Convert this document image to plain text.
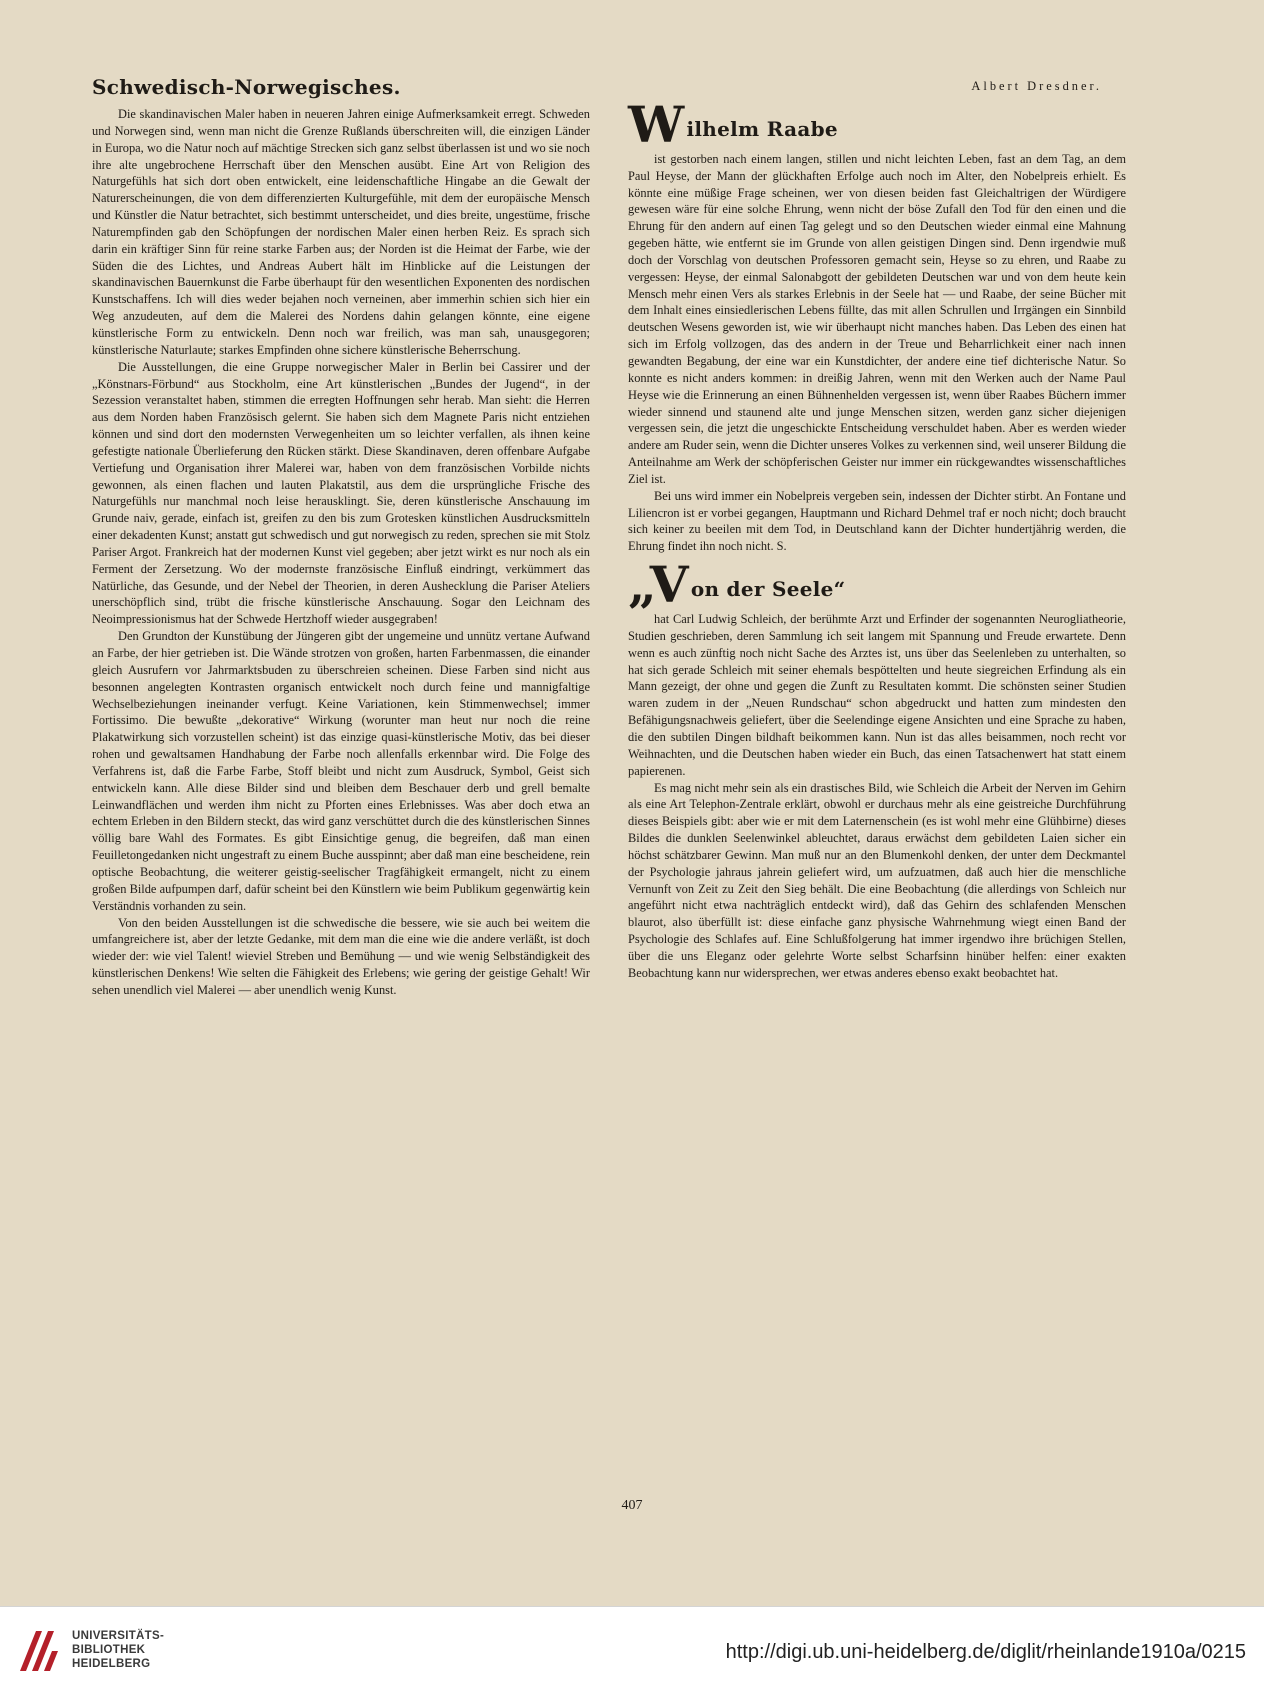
Schwedisch-Norwegisches.

Die skandinavischen Maler haben in neueren Jahren einige Aufmerksamkeit erregt. Schweden und Norwegen sind, wenn man nicht die Grenze Rußlands überschreiten will, die einzigen Länder in Europa, wo die Natur noch auf mächtige Strecken sich ganz selbst überlassen ist und wo sie noch ihre alte ungebrochene Herrschaft über den Menschen ausübt. Eine Art von Religion des Naturgefühls hat sich dort oben entwickelt, eine leidenschaftliche Hingabe an die Gewalt der Naturerscheinungen, die von dem differenzierten Kulturgefühle, mit dem der europäische Mensch und Künstler die Natur betrachtet, sich bestimmt unterscheidet, und dies breite, ungestüme, frische Naturempfinden gab den Schöpfungen der nordischen Maler einen herben Reiz. Es sprach sich darin ein kräftiger Sinn für reine starke Farben aus; der Norden ist die Heimat der Farbe, wie der Süden die des Lichtes, und Andreas Aubert hält im Hinblicke auf die Leistungen der skandinavischen Bauernkunst die Farbe überhaupt für den wesentlichen Exponenten des nordischen Kunstschaffens. Ich will dies weder bejahen noch verneinen, aber immerhin schien sich hier ein Weg anzudeuten, auf dem die Malerei des Nordens dahin gelangen könnte, eine eigene künstlerische Form zu entwickeln. Denn noch war freilich, was man sah, unausgegoren; künstlerische Naturlaute; starkes Empfinden ohne sichere künstlerische Beherrschung.

Die Ausstellungen, die eine Gruppe norwegischer Maler in Berlin bei Cassirer und der „Könstnars-Förbund“ aus Stockholm, eine Art künstlerischen „Bundes der Jugend“, in der Sezession veranstaltet haben, stimmen die erregten Hoffnungen sehr herab. Man sieht: die Herren aus dem Norden haben Französisch gelernt. Sie haben sich dem Magnete Paris nicht entziehen können und sind dort den modernsten Verwegenheiten um so leichter verfallen, als ihnen keine gefestigte nationale Überlieferung den Rücken stärkt. Diese Skandinaven, deren offenbare Aufgabe Vertiefung und Organisation ihrer Malerei war, haben von dem französischen Vorbilde nichts gewonnen, als einen flachen und lauten Plakatstil, aus dem die ursprüngliche Frische des Naturgefühls nur manchmal noch leise herausklingt. Sie, deren künstlerische Anschauung im Grunde naiv, gerade, einfach ist, greifen zu den bis zum Grotesken künstlichen Ausdrucksmitteln einer dekadenten Kunst; anstatt gut schwedisch und gut norwegisch zu reden, sprechen sie mit Stolz Pariser Argot. Frankreich hat der modernen Kunst viel gegeben; aber jetzt wirkt es nur noch als ein Ferment der Zersetzung. Wo der modernste französische Einfluß eindringt, verkümmert das Natürliche, das Gesunde, und der Nebel der Theorien, in deren Aushecklung die Pariser Ateliers unerschöpflich sind, trübt die frische künstlerische Anschauung. Sogar den Leichnam des Neoimpressionismus hat der Schwede Hertzhoff wieder ausgegraben!

Den Grundton der Kunstübung der Jüngeren gibt der ungemeine und unnütz vertane Aufwand an Farbe, der hier getrieben ist. Die Wände strotzen von großen, harten Farbenmassen, die einander gleich Ausrufern vor Jahrmarktsbuden zu überschreien scheinen. Diese Farben sind nicht aus besonnen angelegten Kontrasten organisch entwickelt noch durch feine und mannigfaltige Wechselbeziehungen ineinander verfugt. Keine Variationen, kein Stimmenwechsel; immer Fortissimo. Die bewußte „dekorative“ Wirkung (worunter man heut nur noch die reine Plakatwirkung sich vorzustellen scheint) ist das einzige quasi-künstlerische Motiv, das bei dieser rohen und gewaltsamen Handhabung der Farbe noch allenfalls erkennbar wird. Die Folge des Verfahrens ist, daß die Farbe Farbe, Stoff bleibt und nicht zum Ausdruck, Symbol, Geist sich entwickeln kann. Alle diese Bilder sind und bleiben dem Beschauer derb und grell bemalte Leinwandflächen und werden ihm nicht zu Pforten eines Erlebnisses. Was aber doch etwa an echtem Erleben in den Bildern steckt, das wird ganz verschüttet durch die des künstlerischen Sinnes völlig bare Wahl des Formates. Es gibt Einsichtige genug, die begreifen, daß man einen Feuilletongedanken nicht ungestraft zu einem Buche ausspinnt; aber daß man eine bescheidene, rein optische Beobachtung, die weiterer geistig-seelischer Tragfähigkeit ermangelt, nicht zu einem großen Bilde aufpumpen darf, dafür scheint bei den Künstlern wie beim Publikum gegenwärtig kein Verständnis vorhanden zu sein.

Von den beiden Ausstellungen ist die schwedische die bessere, wie sie auch bei weitem die umfangreichere ist, aber der letzte Gedanke, mit dem man die eine wie die andere verläßt, ist doch wieder der: wie viel Talent! wieviel Streben und Bemühung — und wie wenig Selbständigkeit des künstlerischen Denkens! Wie selten die Fähigkeit des Erlebens; wie gering der geistige Gehalt! Wir sehen unendlich viel Malerei — aber unendlich wenig Kunst.

Albert Dresdner.

Wilhelm Raabe

ist gestorben nach einem langen, stillen und nicht leichten Leben, fast an dem Tag, an dem Paul Heyse, der Mann der glückhaften Erfolge auch noch im Alter, den Nobelpreis erhielt. Es könnte eine müßige Frage scheinen, wer von diesen beiden fast Gleichaltrigen der Würdigere gewesen wäre für eine solche Ehrung, wenn nicht der böse Zufall den Tod für den einen und die Ehrung für den andern auf einen Tag gelegt und so den Deutschen wieder einmal eine Mahnung gegeben hätte, wie entfernt sie im Grunde von allen geistigen Dingen sind. Denn irgendwie muß doch der Vorschlag von deutschen Professoren gemacht sein, Heyse so zu ehren, und Raabe zu vergessen: Heyse, der einmal Salonabgott der gebildeten Deutschen war und von dem heute kein Mensch mehr einen Vers als starkes Erlebnis in der Seele hat — und Raabe, der seine Bücher mit dem Inhalt eines einsiedlerischen Lebens füllte, das mit allen Schrullen und Irrgängen ein Sinnbild deutschen Wesens geworden ist, wie wir überhaupt nicht manches haben. Das Leben des einen hat sich im Erfolg vollzogen, das des andern in der Treue und Beharrlichkeit einer nach innen gewandten Begabung, der eine war ein Kunstdichter, der andere eine tief dichterische Natur. So konnte es nicht anders kommen: in dreißig Jahren, wenn mit den Werken auch der Name Paul Heyse wie die Erinnerung an einen Bühnenhelden vergessen ist, wenn über Raabes Büchern immer wieder sinnend und staunend alte und junge Menschen sitzen, werden ganz sicher diejenigen vergessen sein, die jetzt die ungeschickte Entscheidung verschuldet haben. Aber es werden wieder andere am Ruder sein, wenn die Dichter unseres Volkes zu verkennen sind, weil unserer Bildung die Anteilnahme am Werk der schöpferischen Geister nur immer ein rückgewandtes wissenschaftliches Ziel ist.

Bei uns wird immer ein Nobelpreis vergeben sein, indessen der Dichter stirbt. An Fontane und Liliencron ist er vorbei gegangen, Hauptmann und Richard Dehmel traf er noch nicht; doch braucht sich keiner zu beeilen mit dem Tod, in Deutschland kann der Dichter hundertjährig werden, die Ehrung findet ihn noch nicht. S.

„Von der Seele“

hat Carl Ludwig Schleich, der berühmte Arzt und Erfinder der sogenannten Neurogliatheorie, Studien geschrieben, deren Sammlung ich seit langem mit Spannung und Freude erwartete. Denn wenn es auch zünftig noch nicht Sache des Arztes ist, uns über das Seelenleben zu unterhalten, so hat sich gerade Schleich mit seiner ehemals bespöttelten und heute siegreichen Erfindung als ein Mann gezeigt, der ohne und gegen die Zunft zu Resultaten kommt. Die schönsten seiner Studien waren zudem in der „Neuen Rundschau“ schon abgedruckt und hatten zum mindesten den Befähigungsnachweis geliefert, über die Seelendinge eigene Ansichten und eine Sprache zu haben, die den subtilen Dingen bildhaft beikommen kann. Nun ist das alles beisammen, noch recht vor Weihnachten, und die Deutschen haben wieder ein Buch, das einen Tatsachenwert hat statt einem papierenen.

Es mag nicht mehr sein als ein drastisches Bild, wie Schleich die Arbeit der Nerven im Gehirn als eine Art Telephon-Zentrale erklärt, obwohl er durchaus mehr als eine geistreiche Durchführung dieses Beispiels gibt: aber wie er mit dem Laternenschein (es ist wohl mehr eine Glühbirne) dieses Bildes die dunklen Seelenwinkel ableuchtet, daraus erwächst dem gebildeten Laien sicher ein höchst schätzbarer Gewinn. Man muß nur an den Blumenkohl denken, der unter dem Deckmantel der Psychologie jahraus jahrein geliefert wird, um aufzuatmen, daß auch hier die menschliche Vernunft von Zeit zu Zeit den Sieg behält. Die eine Beobachtung (die allerdings von Schleich nur angeführt nicht etwa nachträglich entdeckt wird), daß das Gehirn des schlafenden Menschen blaurot, also überfüllt ist: diese einfache ganz physische Wahrnehmung wiegt einen Band der Psychologie des Schlafes auf. Eine Schlußfolgerung hat immer irgendwo ihre brüchigen Stellen, über die uns Eleganz oder gelehrte Worte selbst Scharfsinn hinüber helfen: einer exakten Beobachtung kann nur widersprechen, wer etwas anderes ebenso exakt beobachtet hat.

407
UNIVERSITÄTS-
BIBLIOTHEK
HEIDELBERG
http://digi.ub.uni-heidelberg.de/diglit/rheinlande1910a/0215
